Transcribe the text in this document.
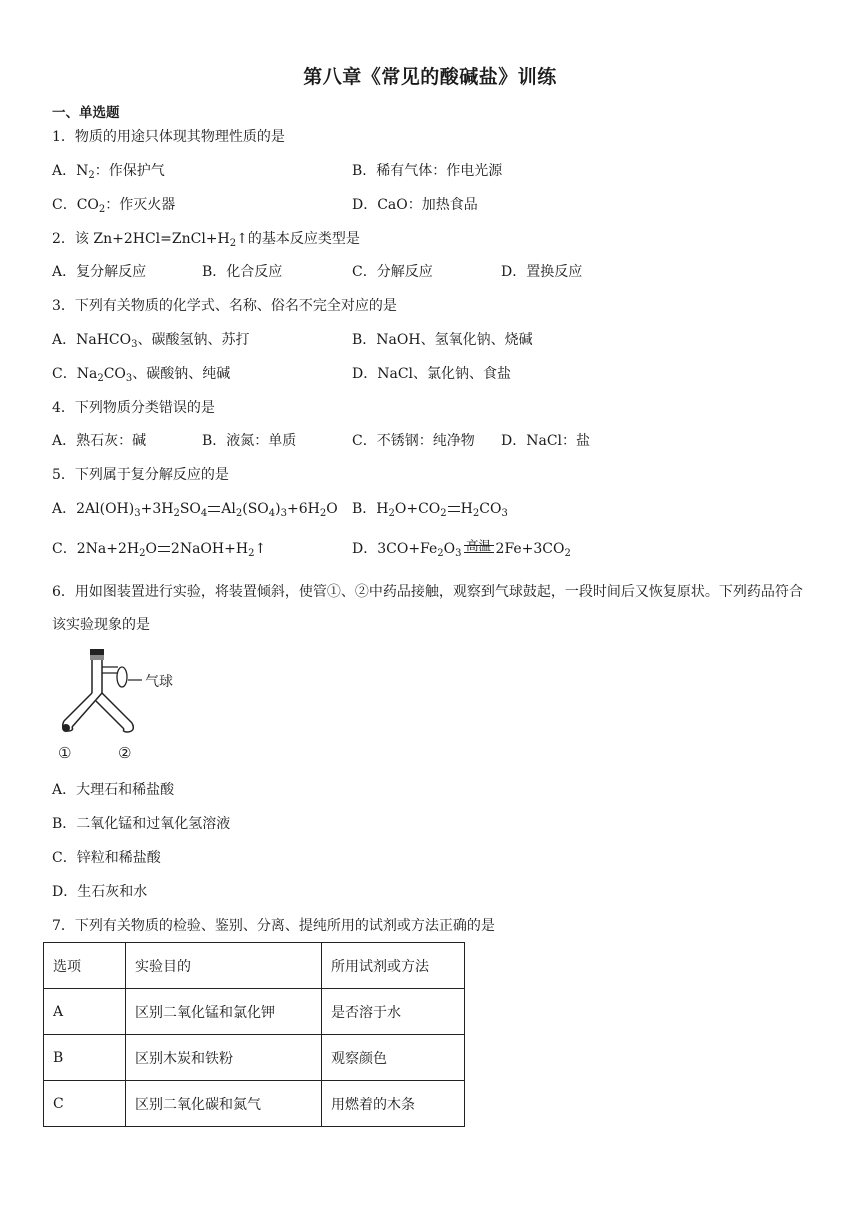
第八章《常见的酸碱盐》训练
一、单选题
1．物质的用途只体现其物理性质的是
A．$N_2$：作保护气	B．稀有气体：作电光源
C．$CO_2$：作灭火器	D．CaO：加热食品
2．该 $Zn+2HCl=ZnCl+H_2↑$的基本反应类型是
A．复分解反应	B．化合反应	C．分解反应	D．置换反应
3．下列有关物质的化学式、名称、俗名不完全对应的是
A．NaHCO$_3$、碳酸氢钠、苏打	B．NaOH、氢氧化钠、烧碱
C．$Na_2CO_3$、碳酸钠、纯碱	D．NaCl、氯化钠、食盐
4．下列物质分类错误的是
A．熟石灰：碱	B．液氮：单质	C．不锈钢：纯净物 D．NaCl：盐
5．下列属于复分解反应的是
A．$2Al(OH)_3+3H_2SO_4$ $Al_2(SO_4)_3+6H_2O$ B．$H_2O+CO_2$ $H_2CO_3$
C．$2Na+2H_2O$ $2NaOH+H_2↑$	D．$3CO+Fe_2O_3$
高温 $2Fe+3CO_2$
6．用如图装置进行实验，将装置倾斜，使管①、②中药品接触，观察到气球鼓起，一段时间后又恢复原状。下列药品符合该实验现象的是
气球
①	②
A．大理石和稀盐酸
B．二氧化锰和过氧化氢溶液
C．锌粒和稀盐酸
D．生石灰和水
7．下列有关物质的检验、鉴别、分离、提纯所用的试剂或方法正确的是
选项	实验目的	所用试剂或方法
A	区别二氧化锰和氯化钾	是否溶于水
B	区别木炭和铁粉	观察颜色
C	区别二氧化碳和氮气	用燃着的木条
